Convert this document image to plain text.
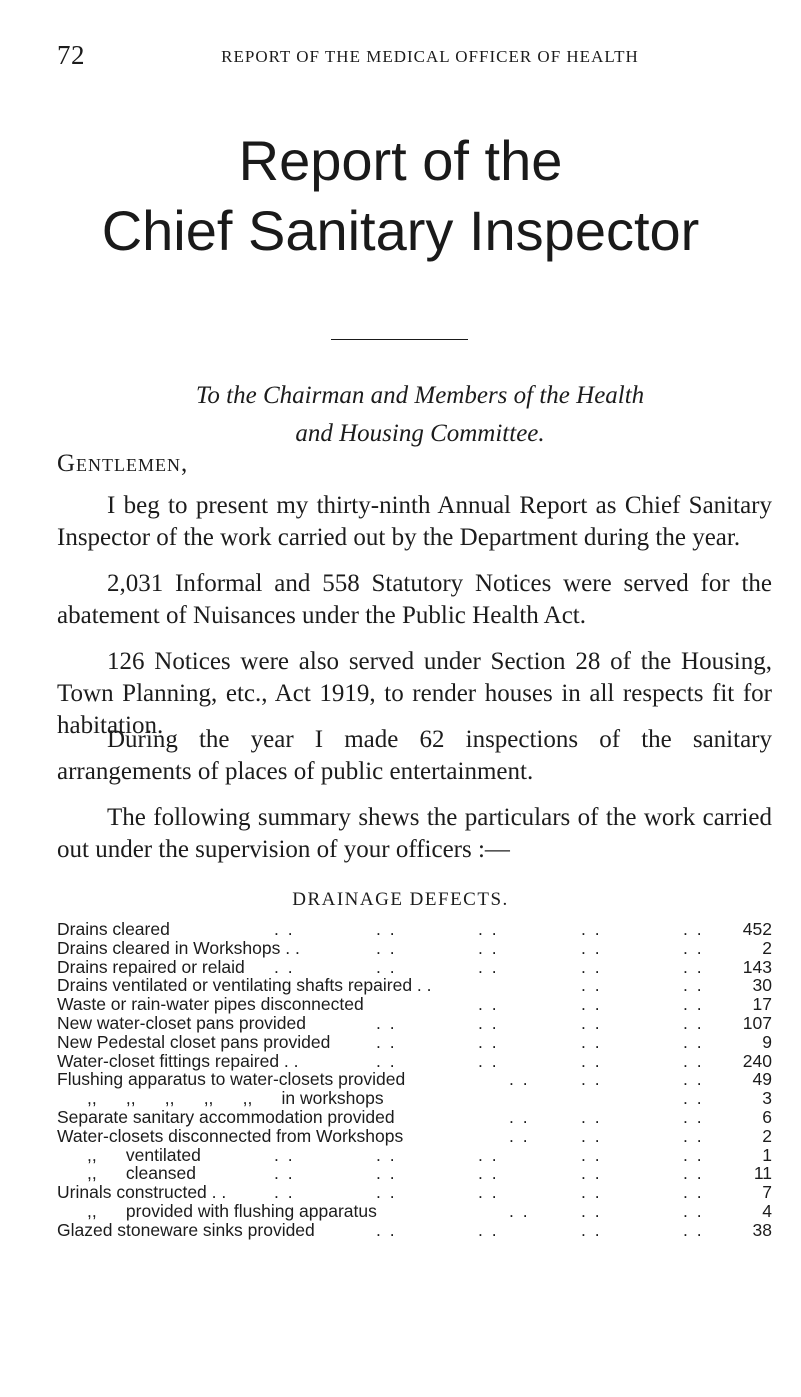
72	REPORT OF THE MEDICAL OFFICER OF HEALTH
Report of the
Chief Sanitary Inspector
To the Chairman and Members of the Health
and Housing Committee.
Gentlemen,
I beg to present my thirty-ninth Annual Report as Chief Sanitary Inspector of the work carried out by the Department during the year.
2,031 Informal and 558 Statutory Notices were served for the abatement of Nuisances under the Public Health Act.
126 Notices were also served under Section 28 of the Housing, Town Planning, etc., Act 1919, to render houses in all respects fit for habitation.
During the year I made 62 inspections of the sanitary arrangements of places of public entertainment.
The following summary shews the particulars of the work carried out under the supervision of your officers :—
DRAINAGE DEFECTS.
. .	. .	. .	. .	. .
Drains cleared	452
. .	. .	. .	. .
Drains cleared in Workshops . .	2
. .	. .	. .	. .	. .
Drains repaired or relaid	143
. .	. .
Drains ventilated or ventilating shafts repaired . .	30
. .	. .	. .
Waste or rain-water pipes disconnected	17
. .	. .	. .	. .
New water-closet pans provided	107
. .	. .	. .	. .
New Pedestal closet pans provided	9
. .	. .	. .	. .
Water-closet fittings repaired . .	240
. .	. .	. .
Flushing apparatus to water-closets provided	49
. .
,,      ,,      ,,      ,,      ,,      in workshops	3
. .	. .	. .
Separate sanitary accommodation provided	6
. .	. .	. .
Water-closets disconnected from Workshops	2
. .	. .	. .	. .	. .
,,      ventilated	1
. .	. .	. .	. .	. .
,,      cleansed	11
. .	. .	. .	. .	. .
Urinals constructed . .	7
. .	. .	. .
,,      provided with flushing apparatus	4
. .	. .	. .	. .
Glazed stoneware sinks provided	38
